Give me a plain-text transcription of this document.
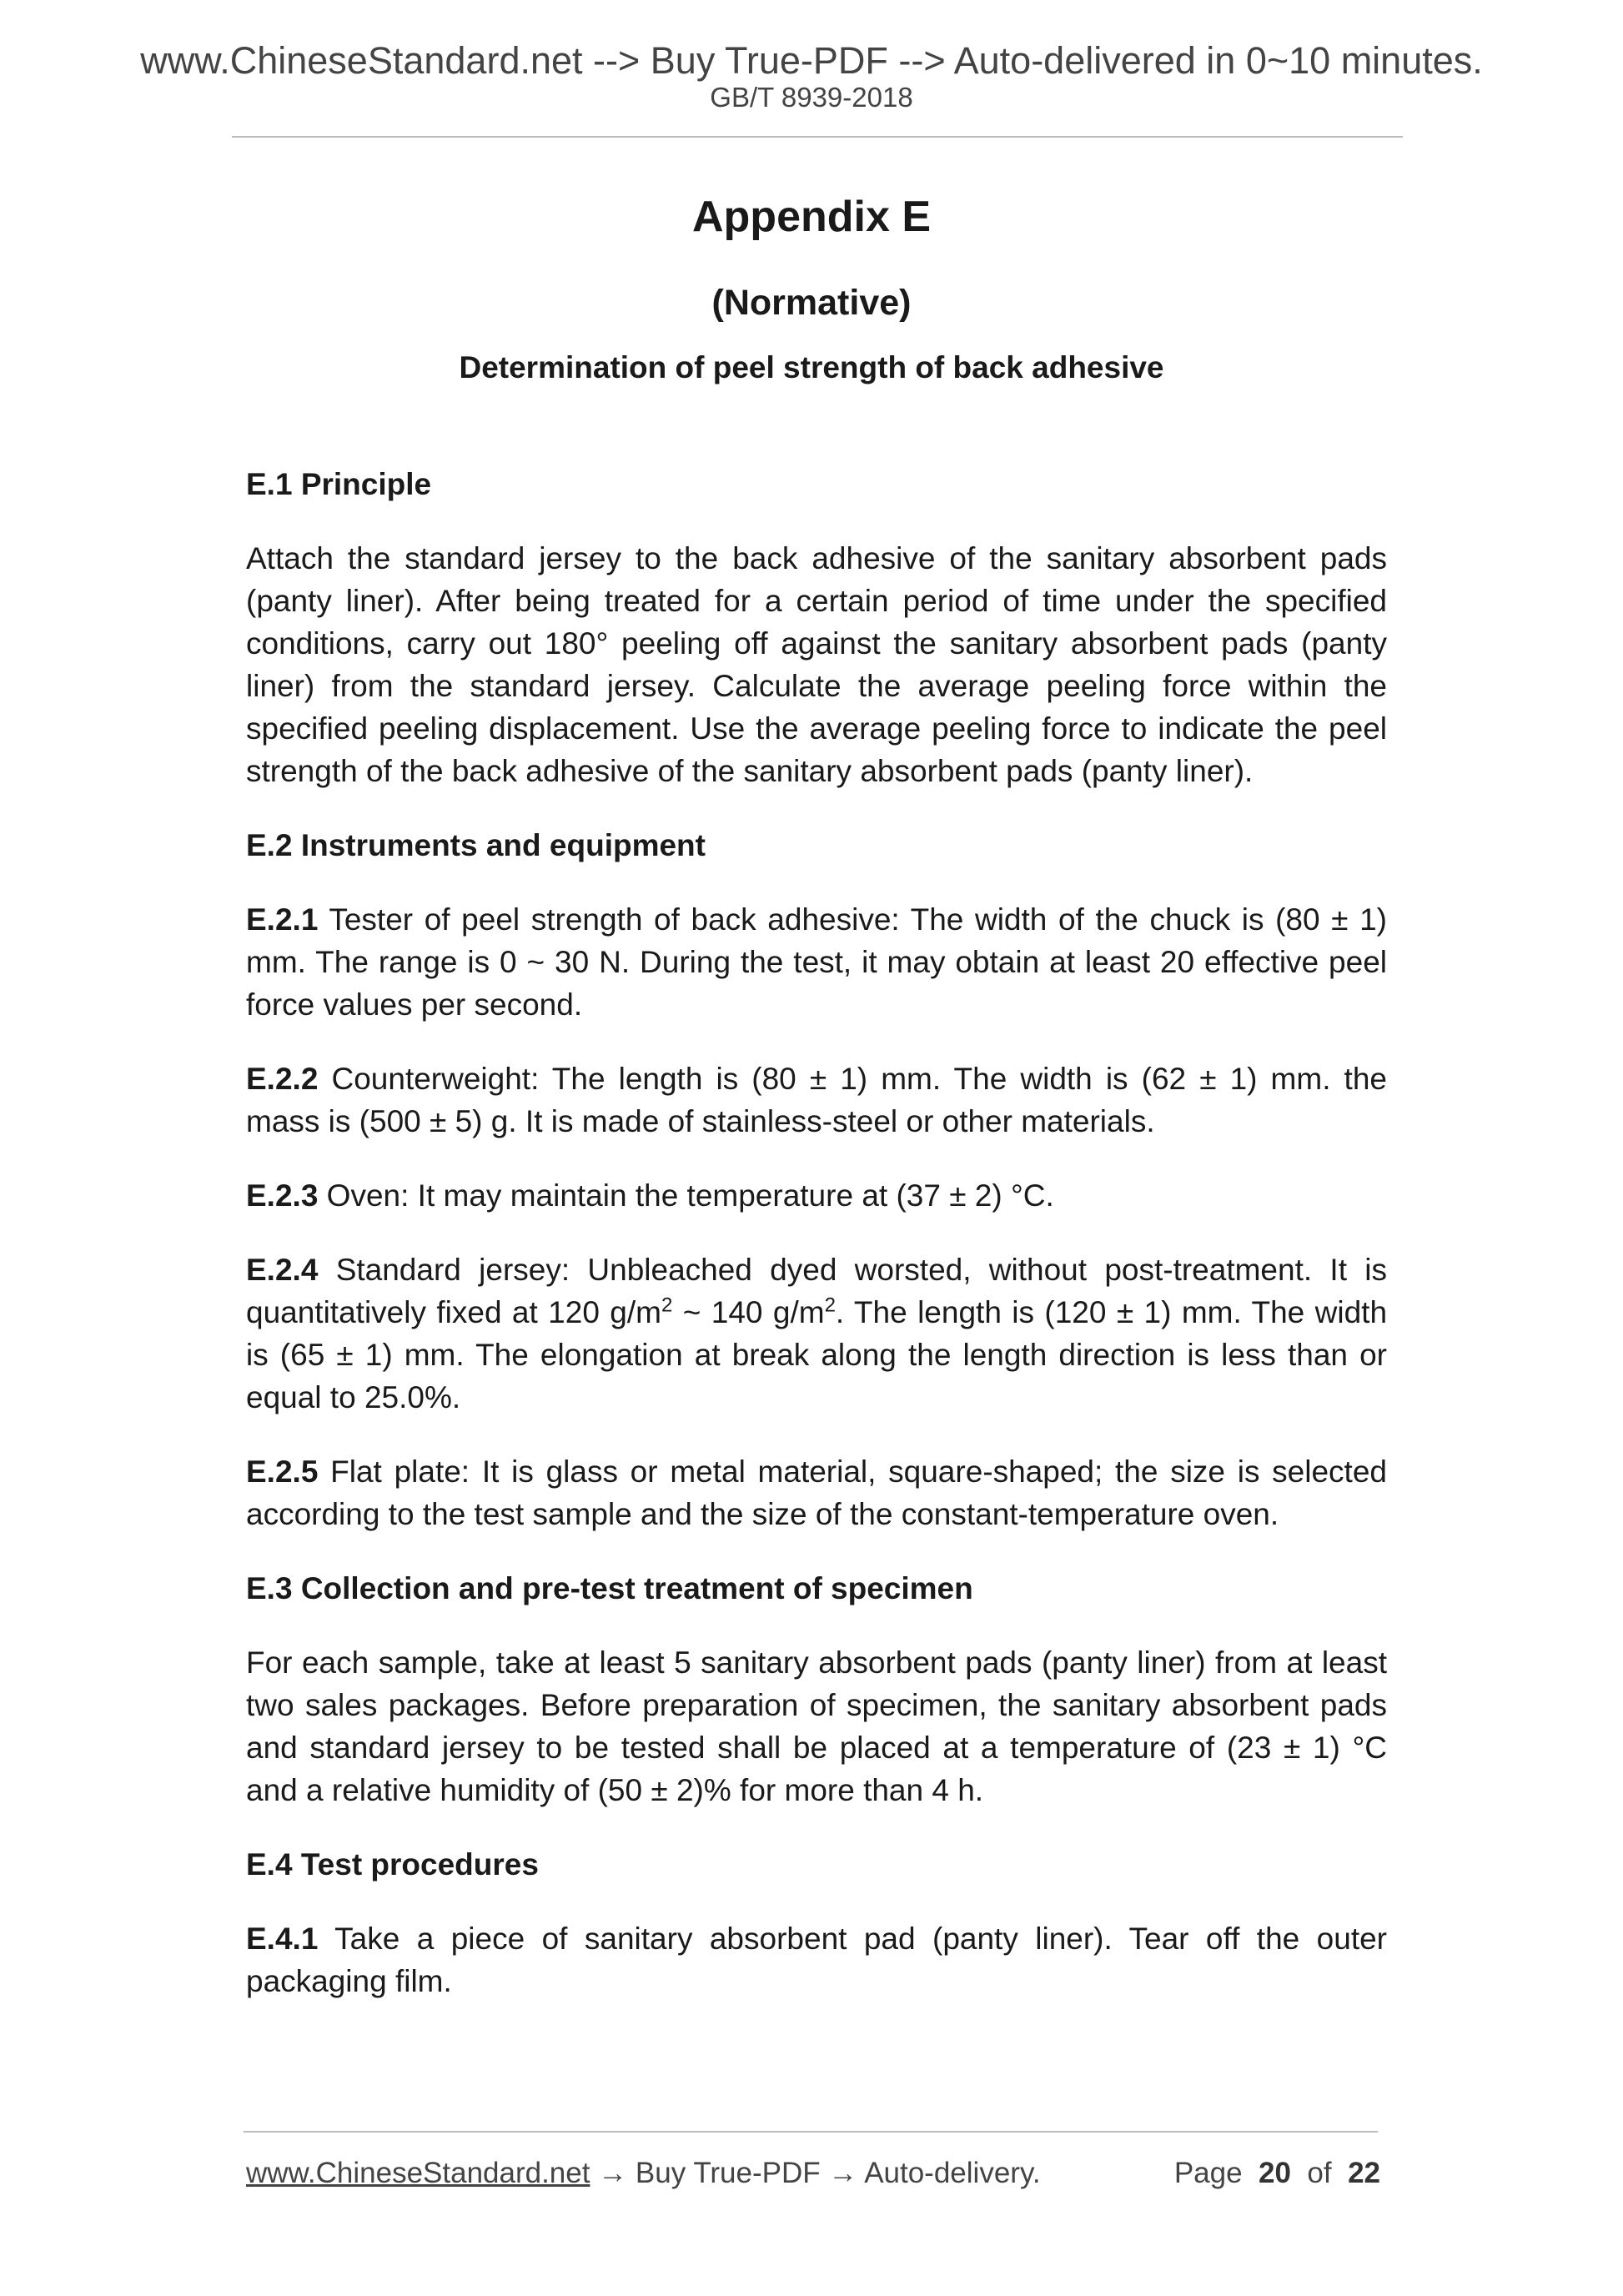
www.ChineseStandard.net --> Buy True-PDF --> Auto-delivered in 0~10 minutes.
GB/T 8939-2018
Appendix E
(Normative)
Determination of peel strength of back adhesive
E.1 Principle
Attach the standard jersey to the back adhesive of the sanitary absorbent pads (panty liner). After being treated for a certain period of time under the specified conditions, carry out 180° peeling off against the sanitary absorbent pads (panty liner) from the standard jersey. Calculate the average peeling force within the specified peeling displacement. Use the average peeling force to indicate the peel strength of the back adhesive of the sanitary absorbent pads (panty liner).
E.2 Instruments and equipment
E.2.1 Tester of peel strength of back adhesive: The width of the chuck is (80 ± 1) mm. The range is 0 ~ 30 N. During the test, it may obtain at least 20 effective peel force values per second.
E.2.2 Counterweight: The length is (80 ± 1) mm. The width is (62 ± 1) mm. the mass is (500 ± 5) g. It is made of stainless-steel or other materials.
E.2.3 Oven: It may maintain the temperature at (37 ± 2) °C.
E.2.4 Standard jersey: Unbleached dyed worsted, without post-treatment. It is quantitatively fixed at 120 $g/m^2$ ~ 140 $g/m^2$. The length is (120 ± 1) mm. The width is (65 ± 1) mm. The elongation at break along the length direction is less than or equal to 25.0%.
E.2.5 Flat plate: It is glass or metal material, square-shaped; the size is selected according to the test sample and the size of the constant-temperature oven.
E.3 Collection and pre-test treatment of specimen
For each sample, take at least 5 sanitary absorbent pads (panty liner) from at least two sales packages. Before preparation of specimen, the sanitary absorbent pads and standard jersey to be tested shall be placed at a temperature of (23 ± 1) °C and a relative humidity of (50 ± 2)% for more than 4 h.
E.4 Test procedures
E.4.1 Take a piece of sanitary absorbent pad (panty liner). Tear off the outer packaging film.
www.ChineseStandard.net → Buy True-PDF → Auto-delivery.	Page 20 of 22
